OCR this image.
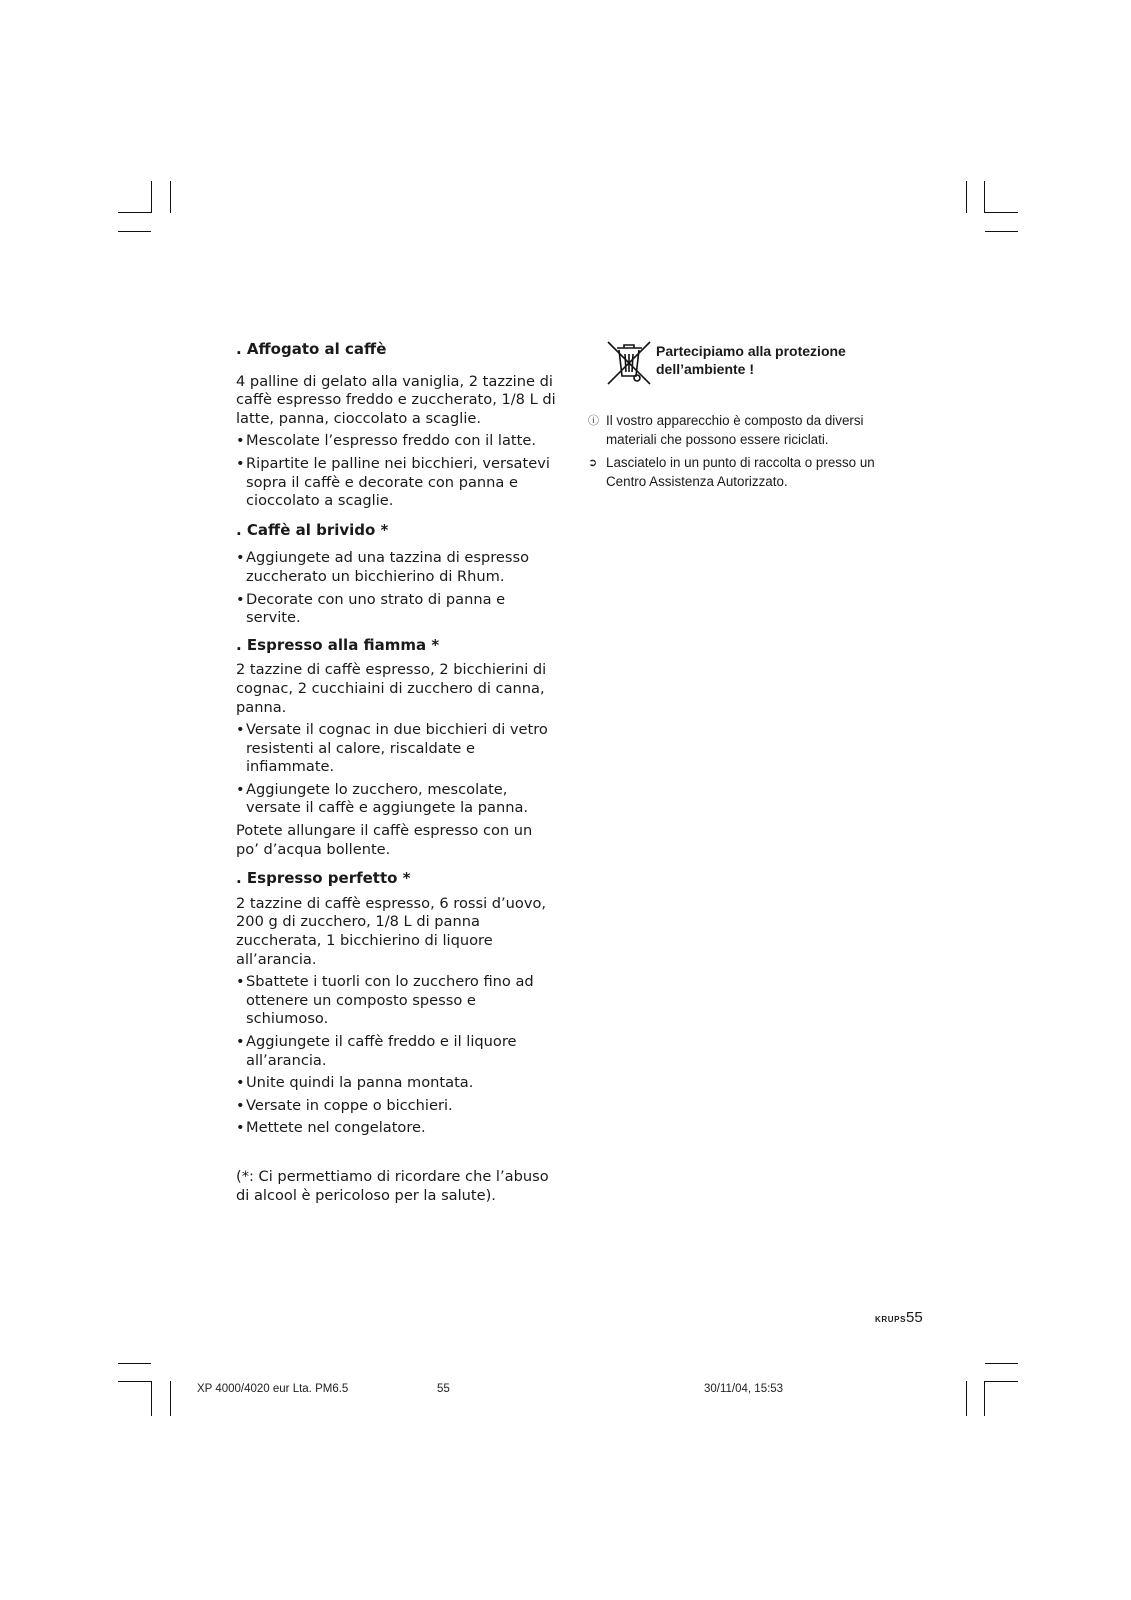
. Affogato al caffè

4 palline di gelato alla vaniglia, 2 tazzine di caffè espresso freddo e zuccherato, 1/8 L di latte, panna, cioccolato a scaglie.

• Mescolate l’espresso freddo con il latte.
• Ripartite le palline nei bicchieri, versatevi sopra il caffè e decorate con panna e cioccolato a scaglie.
. Caffè al brivido *
• Aggiungete ad una tazzina di espresso zuccherato un bicchierino di Rhum.
• Decorate con uno strato di panna e servite.
. Espresso alla fiamma *

2 tazzine di caffè espresso, 2 bicchierini di cognac, 2 cucchiaini di zucchero di canna, panna.

• Versate il cognac in due bicchieri di vetro resistenti al calore, riscaldate e infiammate.
• Aggiungete lo zucchero, mescolate, versate il caffè e aggiungete la panna.

Potete allungare il caffè espresso con un po’ d’acqua bollente.

. Espresso perfetto *

2 tazzine di caffè espresso, 6 rossi d’uovo, 200 g di zucchero, 1/8 L di panna zuccherata, 1 bicchierino di liquore all’arancia.

• Sbattete i tuorli con lo zucchero fino ad ottenere un composto spesso e schiumoso.
• Aggiungete il caffè freddo e il liquore all’arancia.
• Unite quindi la panna montata.
• Versate in coppe o bicchieri.
• Mettete nel congelatore.

(*: Ci permettiamo di ricordare che l’abuso di alcool è pericoloso per la salute).

Partecipiamo alla protezione
dell’ambiente !
ⓘ Il vostro apparecchio è composto da diversi materiali che possono essere riciclati.
➲ Lasciatelo in un punto di raccolta o presso un Centro Assistenza Autorizzato.
KRUPS55
XP 4000/4020 eur Lta. PM6.5	55	30/11/04, 15:53
